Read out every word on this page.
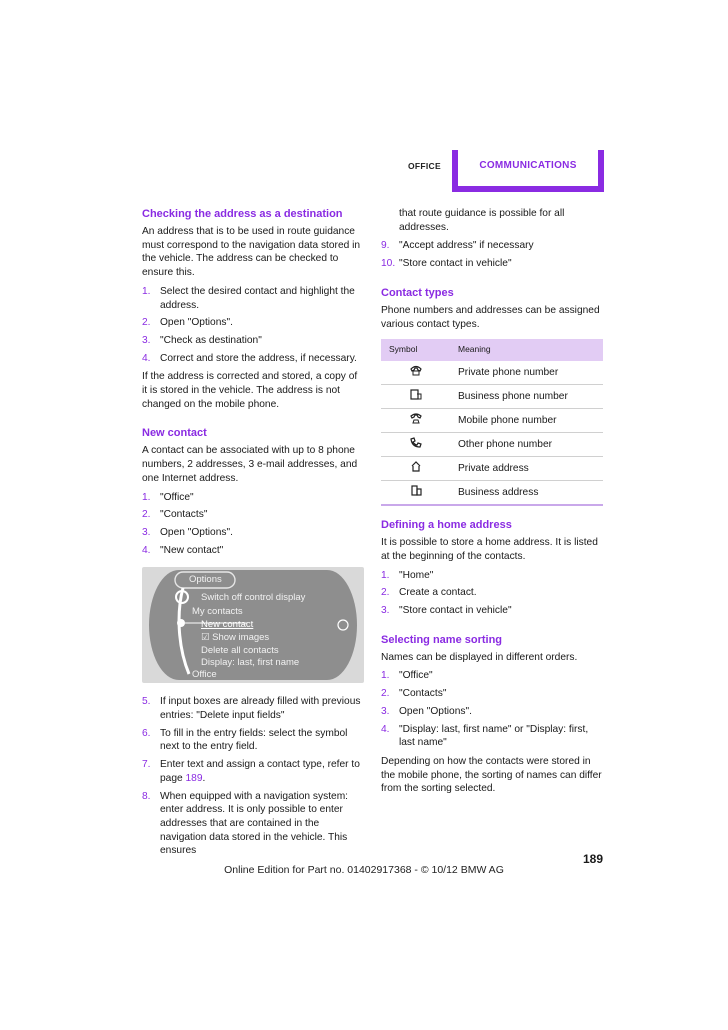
OFFICE	COMMUNICATIONS
Checking the address as a destination

An address that is to be used in route guidance must correspond to the navigation data stored in the vehicle. The address can be checked to ensure this.

1. Select the desired contact and highlight the address.
2. Open "Options".
3. "Check as destination"
4. Correct and store the address, if necessary.

If the address is corrected and stored, a copy of it is stored in the vehicle. The address is not changed on the mobile phone.

New contact

A contact can be associated with up to 8 phone numbers, 2 addresses, 3 e-mail addresses, and one Internet address.

1. "Office"
2. "Contacts"
3. Open "Options".
4. "New contact"
Options
Switch off control display
My contacts
New contact
☑ Show images
Delete all contacts
Display: last, first name
Office
5. If input boxes are already filled with previous entries: "Delete input fields"
6. To fill in the entry fields: select the symbol next to the entry field.
7. Enter text and assign a contact type, refer to page 189.
8. When equipped with a navigation system: enter address. It is only possible to enter addresses that are contained in the navigation data stored in the vehicle. This ensures

that route guidance is possible for all addresses.

9. "Accept address" if necessary
10. "Store contact in vehicle"
Contact types

Phone numbers and addresses can be assigned various contact types.

Symbol	Meaning
	Private phone number
	Business phone number
	Mobile phone number
	Other phone number
	Private address
	Business address
Defining a home address

It is possible to store a home address. It is listed at the beginning of the contacts.

1. "Home"
2. Create a contact.
3. "Store contact in vehicle"
Selecting name sorting

Names can be displayed in different orders.

1. "Office"
2. "Contacts"
3. Open "Options".
4. "Display: last, first name" or "Display: first, last name"

Depending on how the contacts were stored in the mobile phone, the sorting of names can differ from the sorting selected.

189
Online Edition for Part no. 01402917368 - © 10/12 BMW AG
